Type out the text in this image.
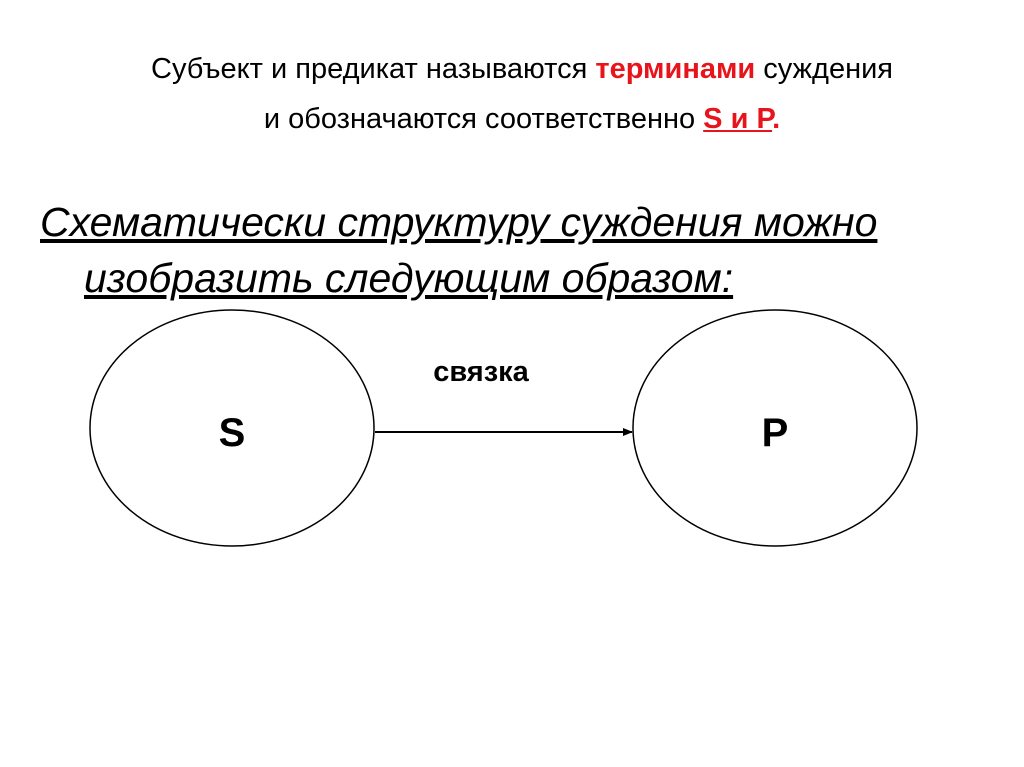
Субъект и предикат называются терминами суждения
и обозначаются соответственно S и P.
Схематически структуру суждения можно
изобразить следующим образом:
S	P
связка
